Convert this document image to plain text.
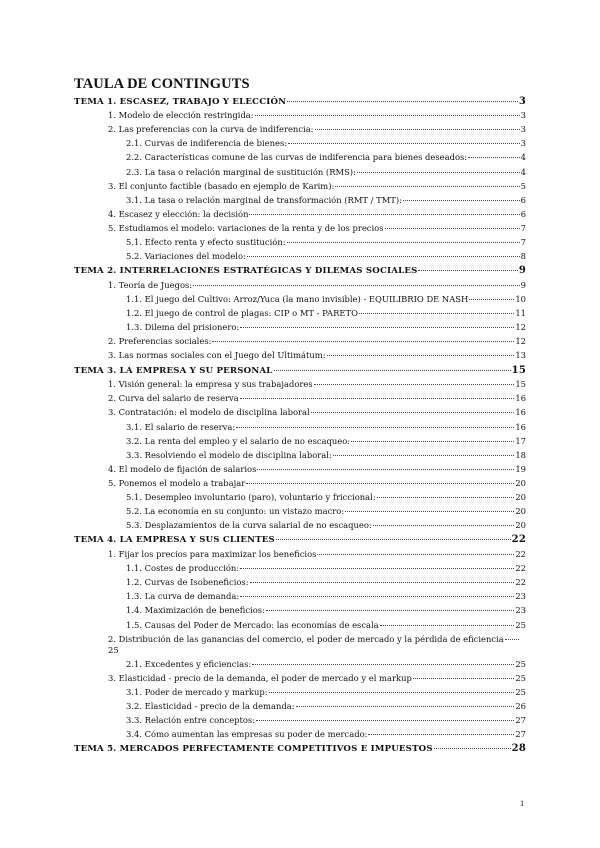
TAULA DE CONTINGUTS
TEMA 1. ESCASEZ, TRABAJO Y ELECCIÓN	3
1. Modelo de elección restringida:	3
2. Las preferencias con la curva de indiferencia:	3
2.1. Curvas de indiferencia de bienes:	3
2.2. Características comune de las curvas de indiferencia para bienes deseados:	4
2.3. La tasa o relación marginal de sustitución (RMS):	4
3. El conjunto factible (basado en ejemplo de Karim):	5
3.1. La tasa o relación marginal de transformación (RMT / TMT):	6
4. Escasez y elección: la decisión	6
5. Estudiamos el modelo: variaciones de la renta y de los precios	7
5.1. Efecto renta y efecto sustitución:	7
5.2. Variaciones del modelo:	8
TEMA 2. INTERRELACIONES ESTRATÉGICAS Y DILEMAS SOCIALES	9
1. Teoría de Juegos:	9
1.1. El juego del Cultivo: Arroz/Yuca (la mano invisible) - EQUILIBRIO DE NASH	10
1.2. El juego de control de plagas: CIP o MT - PARETO	11
1.3. Dilema del prisionero:	12
2. Preferencias sociales:	12
3. Las normas sociales con el Juego del Ultimátum:	13
TEMA 3. LA EMPRESA Y SU PERSONAL	15
1. Visión general: la empresa y sus trabajadores	15
2. Curva del salario de reserva	16
3. Contratación: el modelo de disciplina laboral	16
3.1. El salario de reserva:	16
3.2. La renta del empleo y el salario de no escaqueo:	17
3.3. Resolviendo el modelo de disciplina laboral:	18
4. El modelo de fijación de salarios	19
5. Ponemos el modelo a trabajar	20
5.1. Desempleo involuntario (paro), voluntario y friccional:	20
5.2. La economía en su conjunto: un vistazo macro:	20
5.3. Desplazamientos de la curva salarial de no escaqueo:	20
TEMA 4. LA EMPRESA Y SUS CLIENTES	22
1. Fijar los precios para maximizar los beneficios	22
1.1. Costes de producción:	22
1.2. Curvas de Isobeneficios:	22
1.3. La curva de demanda:	23
1.4. Maximización de beneficios:	23
1.5. Causas del Poder de Mercado: las economías de escala	25
2. Distribución de las ganancias del comercio, el poder de mercado y la pérdida de eficiencia
25
2.1. Excedentes y eficiencias:	25
3. Elasticidad - precio de la demanda, el poder de mercado y el markup	25
3.1. Poder de mercado y markup:	25
3.2. Elasticidad - precio de la demanda:	26
3.3. Relación entre conceptos:	27
3.4. Cómo aumentan las empresas su poder de mercado:	27
TEMA 5. MERCADOS PERFECTAMENTE COMPETITIVOS E IMPUESTOS	28

1
